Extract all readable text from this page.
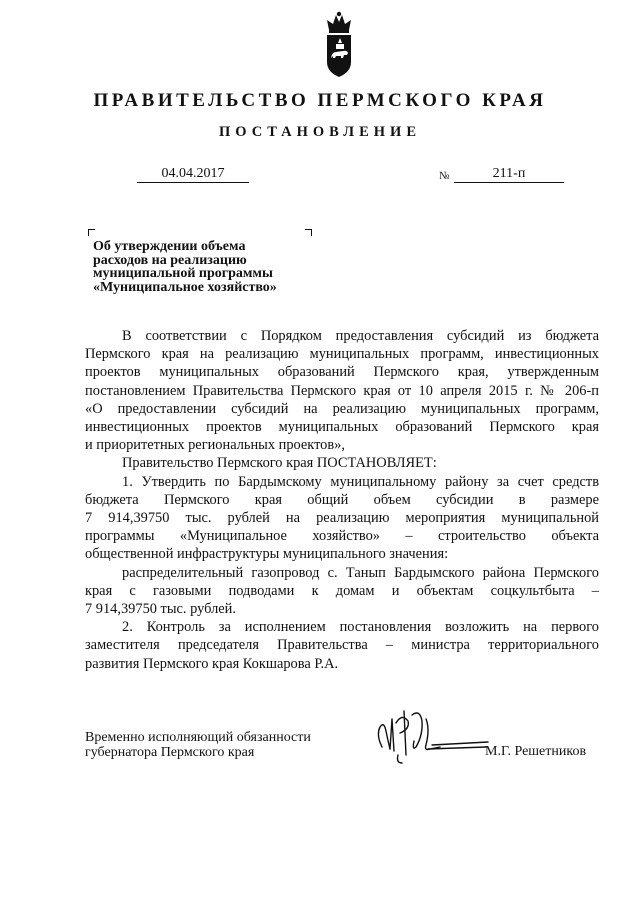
ПРАВИТЕЛЬСТВО ПЕРМСКОГО КРАЯ
ПОСТАНОВЛЕНИЕ
04.04.2017	№	211-п
Об утверждении объема
расходов на реализацию
муниципальной программы
«Муниципальное хозяйство»
В соответствии с Порядком предоставления субсидий из бюджета
Пермского края на реализацию муниципальных программ, инвестиционных
проектов муниципальных образований Пермского края, утвержденным
постановлением Правительства Пермского края от 10 апреля 2015 г. № 206-п
«О предоставлении субсидий на реализацию муниципальных программ,
инвестиционных проектов муниципальных образований Пермского края
и приоритетных региональных проектов»,
Правительство Пермского края ПОСТАНОВЛЯЕТ:
1. Утвердить по Бардымскому муниципальному району за счет средств
бюджета Пермского края общий объем субсидии в размере
7 914,39750 тыс. рублей на реализацию мероприятия муниципальной
программы «Муниципальное хозяйство» – строительство объекта
общественной инфраструктуры муниципального значения:
распределительный газопровод с. Танып Бардымского района Пермского
края с газовыми подводами к домам и объектам соцкультбыта –
7 914,39750 тыс. рублей.
2. Контроль за исполнением постановления возложить на первого
заместителя председателя Правительства – министра территориального
развития Пермского края Кокшарова Р.А.
Временно исполняющий обязанности
губернатора Пермского края	М.Г. Решетников
